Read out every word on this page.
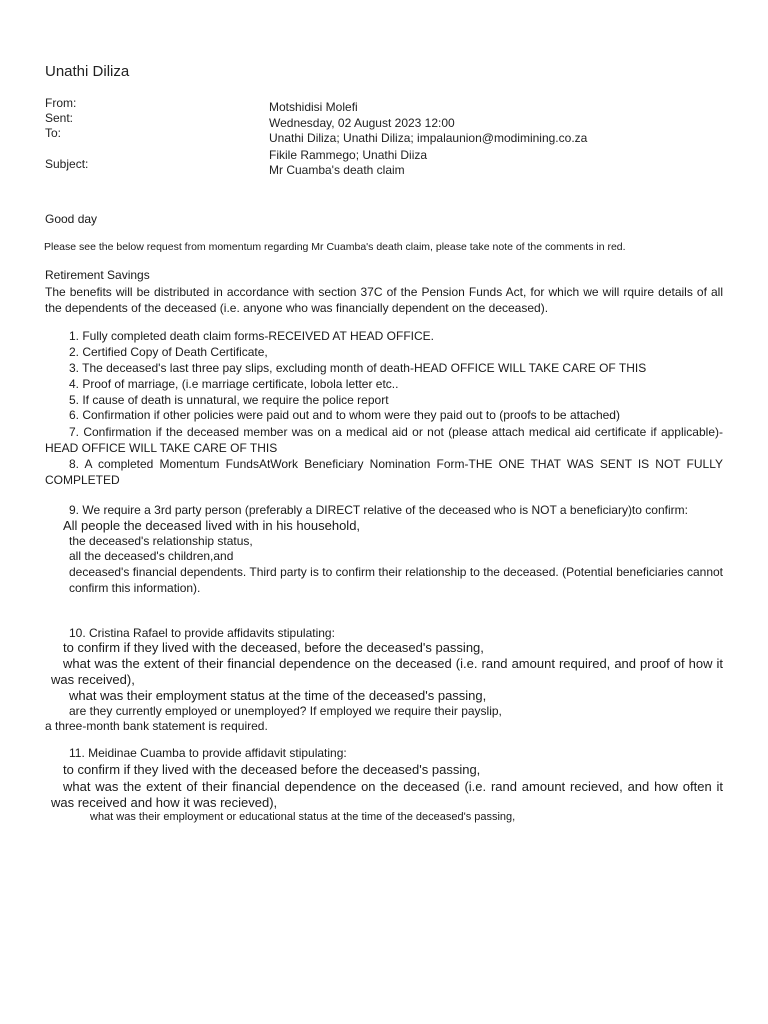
Unathi Diliza
From:
Sent:
To:
Subject:
Motshidisi Molefi
Wednesday, 02 August 2023 12:00
Unathi Diliza; Unathi Diliza; impalaunion@modimining.co.za
Fikile Rammego; Unathi Diiza
Mr Cuamba's death claim
Good day
Please see the below request from momentum regarding Mr Cuamba's death claim, please take note of the comments in red.
Retirement Savings
The benefits will be distributed in accordance with section 37C of the Pension Funds Act, for which we will rquire details of all the dependents of the deceased (i.e. anyone who was financially dependent on the deceased).
1. Fully completed death claim forms-RECEIVED AT HEAD OFFICE.
2. Certified Copy of Death Certificate,
3. The deceased's last three pay slips, excluding month of death-HEAD OFFICE WILL TAKE CARE OF THIS
4. Proof of marriage, (i.e marriage certificate, lobola letter etc..
5. If cause of death is unnatural, we require the police report
6. Confirmation if other policies were paid out and to whom were they paid out to (proofs to be attached)
7. Confirmation if the deceased member was on a medical aid or not (please attach medical aid certificate if applicable)-HEAD OFFICE WILL TAKE CARE OF THIS
8. A completed Momentum FundsAtWork Beneficiary Nomination Form-THE ONE THAT WAS SENT IS NOT FULLY COMPLETED
9. We require a 3rd party person (preferably a DIRECT relative of the deceased who is NOT a beneficiary)to confirm:
All people the deceased lived with in his household,
the deceased's relationship status,
all the deceased's children,and
deceased's financial dependents. Third party is to confirm their relationship to the deceased. (Potential beneficiaries cannot confirm this information).
10. Cristina Rafael to provide affidavits stipulating:
to confirm if they lived with the deceased, before the deceased's passing,
what was the extent of their financial dependence on the deceased (i.e. rand amount required, and proof of how it was received),
what was their employment status at the time of the deceased's passing,
are they currently employed or unemployed? If employed we require their payslip,
a three-month bank statement is required.
11. Meidinae Cuamba to provide affidavit stipulating:
to confirm if they lived with the deceased before the deceased's passing,
what was the extent of their financial dependence on the deceased (i.e. rand amount recieved, and how often it was received and how it was recieved),
what was their employment or educational status at the time of the deceased's passing,
